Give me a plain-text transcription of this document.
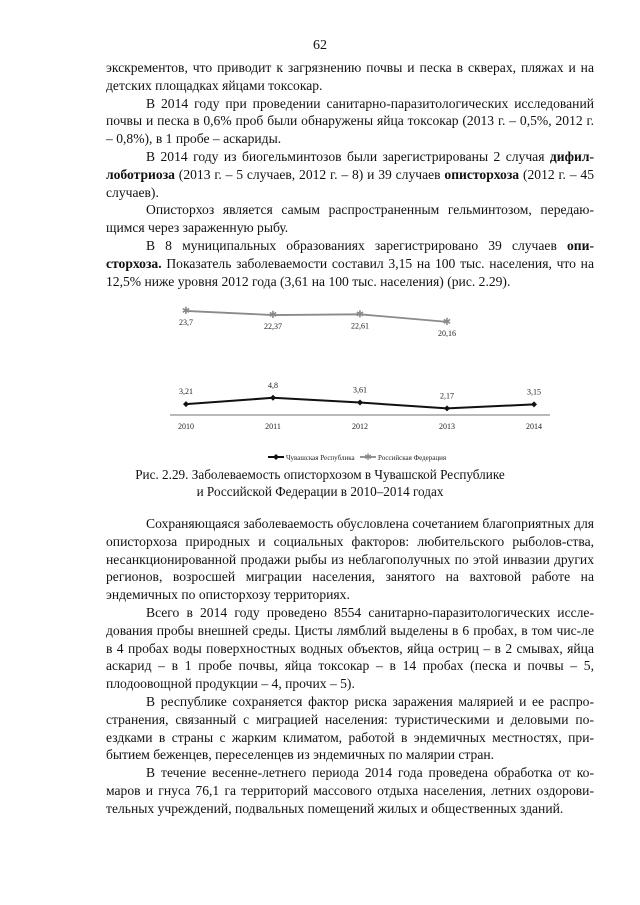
62

экскрементов, что приводит к загрязнению почвы и песка в скверах, пляжах и на детских площадках яйцами токсокар.

В 2014 году при проведении санитарно-паразитологических исследований почвы и песка в 0,6% проб были обнаружены яйца токсокар (2013 г. – 0,5%, 2012 г. – 0,8%), в 1 пробе – аскариды.

В 2014 году из биогельминтозов были зарегистрированы 2 случая дифил-лоботриоза (2013 г. – 5 случаев, 2012 г. – 8) и 39 случаев описторхоза (2012 г. – 45 случаев).

Описторхоз является самым распространенным гельминтозом, передаю-щимся через зараженную рыбу.

В 8 муниципальных образованиях зарегистрировано 39 случаев опи-сторхоза. Показатель заболеваемости составил 3,15 на 100 тыс. населения, что на 12,5% ниже уровня 2012 года (3,61 на 100 тыс. населения) (рис. 2.29).

3,21
4,8
3,61
2,17	3,15
✱
23,7
✱
22,37
✱
22,61	✱
20,16
2010	2011	2012	2013	2014
Чувашская Республика ✱ Российская Федерация
Рис. 2.29. Заболеваемость описторхозом в Чувашской Республике
и Российской Федерации в 2010–2014 годах

Сохраняющаяся заболеваемость обусловлена сочетанием благоприятных для описторхоза природных и социальных факторов: любительского рыболов-ства, несанкционированной продажи рыбы из неблагополучных по этой инвазии других регионов, возросшей миграции населения, занятого на вахтовой работе на эндемичных по описторхозу территориях.

Всего в 2014 году проведено 8554 санитарно-паразитологических иссле-дования пробы внешней среды. Цисты лямблий выделены в 6 пробах, в том чис-ле в 4 пробах воды поверхностных водных объектов, яйца остриц – в 2 смывах, яйца аскарид – в 1 пробе почвы, яйца токсокар – в 14 пробах (песка и почвы – 5, плодоовощной продукции – 4, прочих – 5).

В республике сохраняется фактор риска заражения малярией и ее распро-странения, связанный с миграцией населения: туристическими и деловыми по-ездками в страны с жарким климатом, работой в эндемичных местностях, при-бытием беженцев, переселенцев из эндемичных по малярии стран.

В течение весенне-летнего периода 2014 года проведена обработка от ко-маров и гнуса 76,1 га территорий массового отдыха населения, летних оздорови-тельных учреждений, подвальных помещений жилых и общественных зданий.
